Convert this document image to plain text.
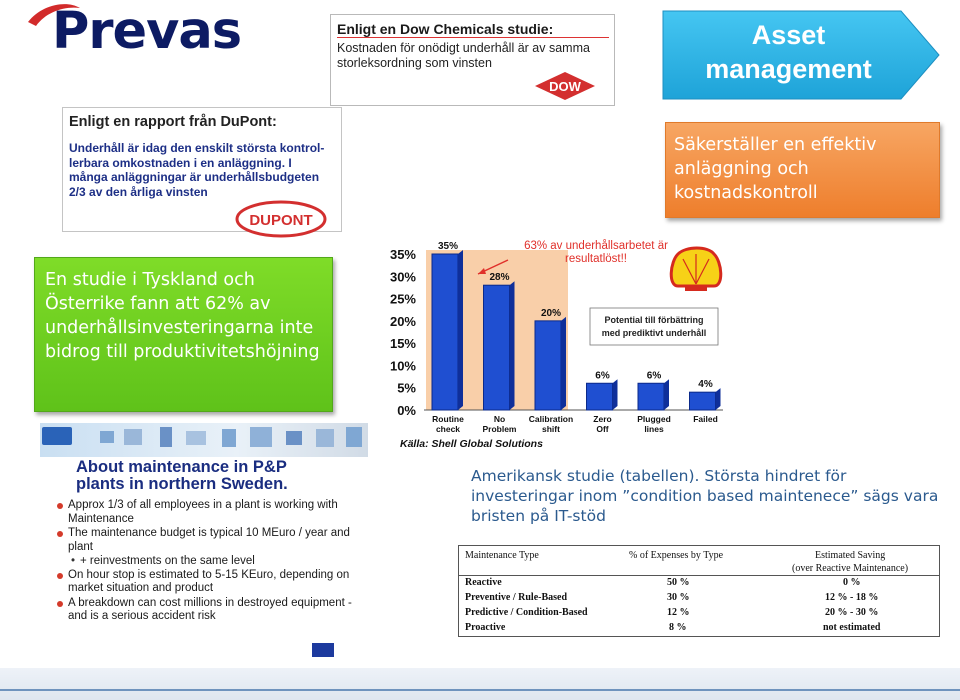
Prevas	Enligt en Dow Chemicals studie:
Kostnaden för onödigt underhåll är av samma
storleksordning som vinsten
DOW
Enligt en rapport från DuPont:
Underhåll är idag den enskilt största kontrol-
lerbara omkostnaden i en anläggning. I
många anläggningar är underhållsbudgeten
2/3 av den årliga vinsten
DUPONT
Asset
management
Säkerställer en effektiv anläggning och kostnadskontroll
En studie i Tyskland och Österrike fann att 62% av underhållsinvesteringarna inte bidrog till produktivitetshöjning
0%
5%
10%
15%
20%
25%
30%
35%
35%
28%
20%
6%	6%
4%
Routine
check
No
Problem
Calibration
shift
Zero
Off
Plugged
lines
Failed
63% av underhållsarbetet är
resultatlöst!!
Potential till förbättring
med prediktivt underhåll
Källa: Shell Global Solutions
About maintenance in P&P
plants in northern Sweden.
Approx 1/3 of all employees in a plant is working with Maintenance
The maintenance budget is typical 10 MEuro / year and plant
• + reinvestments on the same level
On hour stop is estimated to 5-15 KEuro, depending on market situation and product
A breakdown can cost millions in destroyed equipment - and is a serious accident risk
Amerikansk studie (tabellen). Största hindret för investeringar inom ”condition based maintenece” sägs vara bristen på IT-stöd
Maintenance Type	% of Expenses by Type	Estimated Saving
(over Reactive Maintenance)
Reactive	50 %	0 %
Preventive / Rule-Based	30 %	12 % - 18 %
Predictive / Condition-Based	12 %	20 % - 30 %
Proactive	8 %	not estimated
